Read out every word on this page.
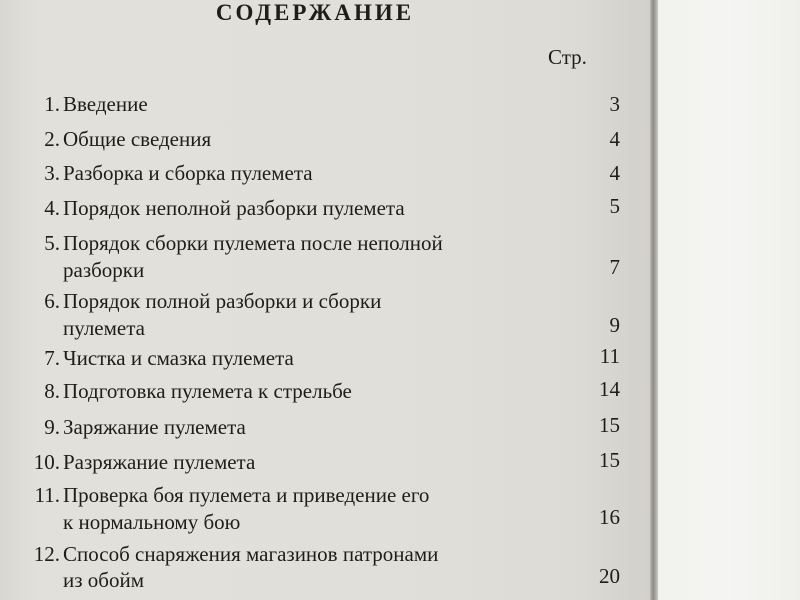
СОДЕРЖАНИЕ
Стр.
1. Введение	3
2. Общие сведения	4
3. Разборка и сборка пулемета	4
4. Порядок неполной разборки пулемета	5
5. Порядок сборки пулемета после неполной
разборки	7
6. Порядок полной разборки и сборки
пулемета	9
7. Чистка и смазка пулемета	11
8. Подготовка пулемета к стрельбе	14
9. Заряжание пулемета	15
10. Разряжание пулемета	15
11. Проверка боя пулемета и приведение его
к нормальному бою	16
12. Способ снаряжения магазинов патронами
из обойм	20
